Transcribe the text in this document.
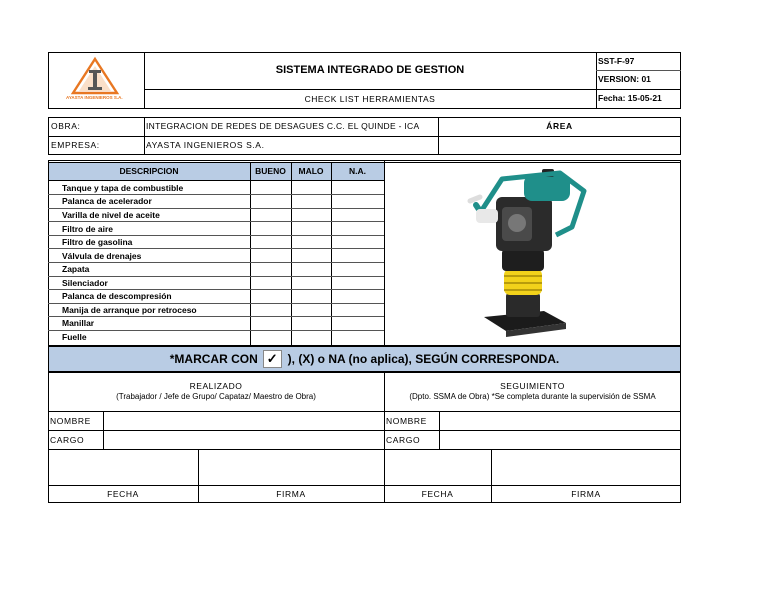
AYASTA INGENIEROS S.A.
SISTEMA INTEGRADO DE GESTION
CHECK LIST HERRAMIENTAS
SST-F-97
VERSION: 01
Fecha: 15-05-21
OBRA:	INTEGRACION DE REDES DE DESAGUES C.C. EL QUINDE - ICA	ÁREA
EMPRESA:	AYASTA INGENIEROS S.A.
DESCRIPCION	BUENO	MALO	N.A.
Tanque y tapa de combustible
Palanca de acelerador
Varilla de nivel de aceite
Filtro de aire
Filtro de gasolina
Válvula de drenajes
Zapata
Silenciador
Palanca de descompresión
Manija de arranque por retroceso
Manillar
Fuelle
*MARCAR CON ✓ ), (X) o NA (no aplica), SEGÚN CORRESPONDA.
REALIZADO
(Trabajador / Jefe de Grupo/ Capataz/ Maestro de Obra)
SEGUIMIENTO
(Dpto. SSMA de Obra) *Se completa durante la supervisión de SSMA
NOMBRE
CARGO
NOMBRE
CARGO
FECHA	FIRMA	FECHA	FIRMA
